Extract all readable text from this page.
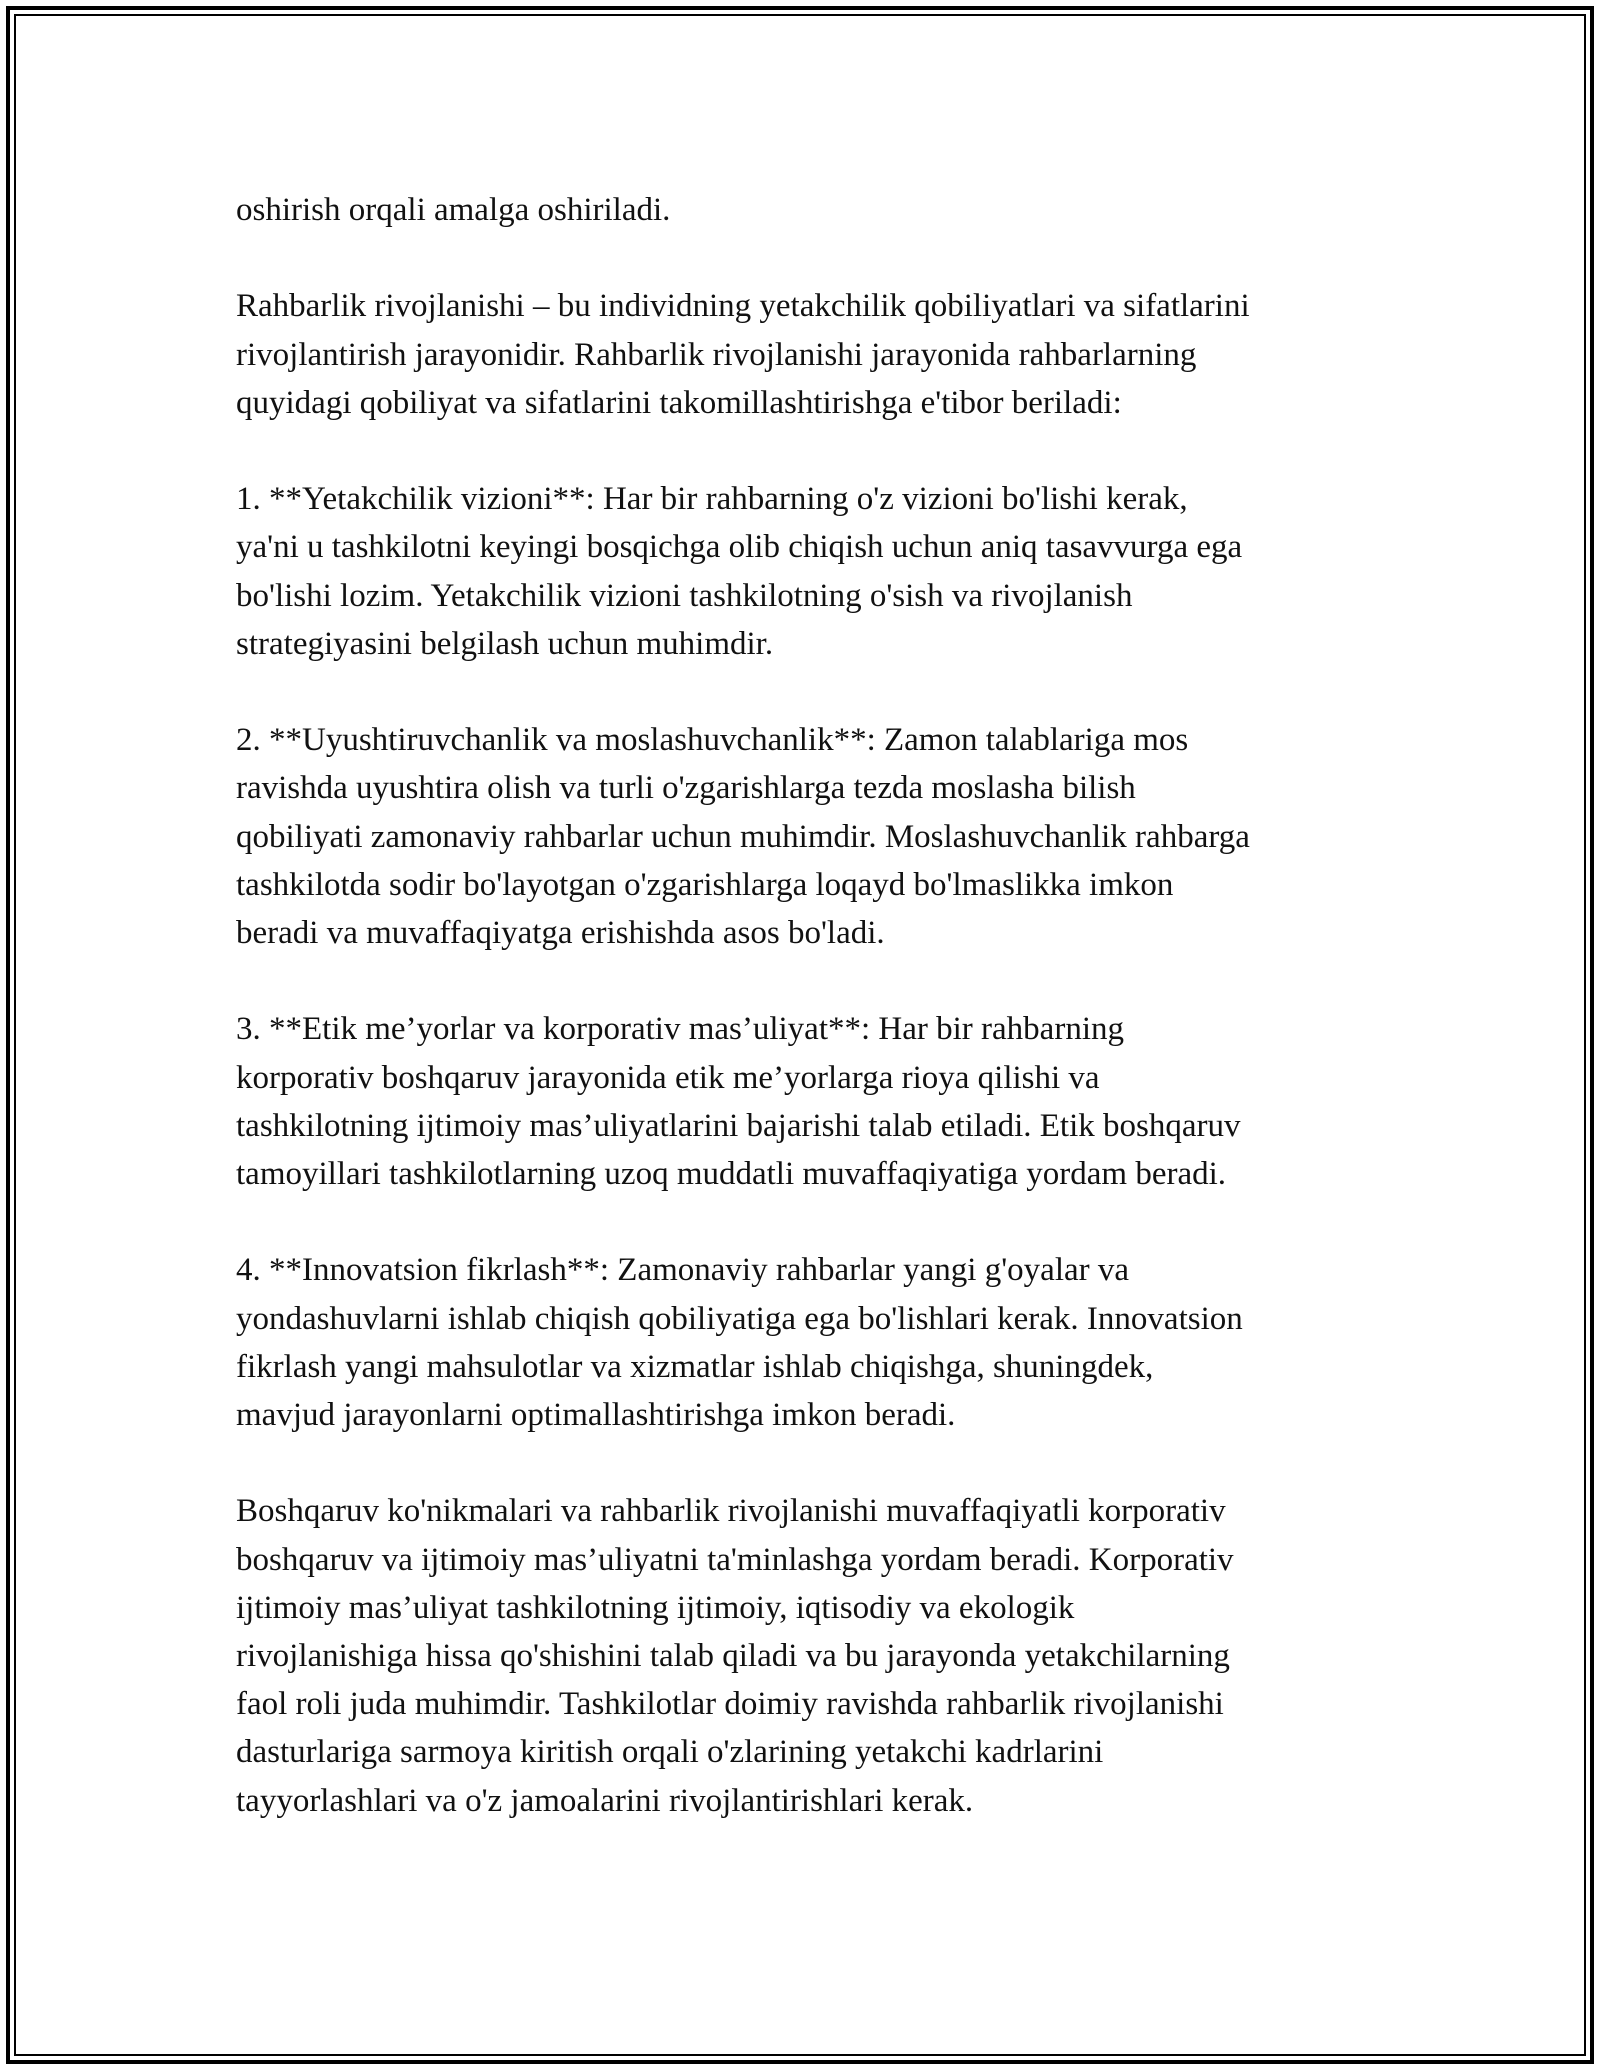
oshirish orqali amalga oshiriladi.

Rahbarlik rivojlanishi – bu individning yetakchilik qobiliyatlari va sifatlarini
rivojlantirish jarayonidir. Rahbarlik rivojlanishi jarayonida rahbarlarning
quyidagi qobiliyat va sifatlarini takomillashtirishga e'tibor beriladi:

1. **Yetakchilik vizioni**: Har bir rahbarning o'z vizioni bo'lishi kerak,
ya'ni u tashkilotni keyingi bosqichga olib chiqish uchun aniq tasavvurga ega
bo'lishi lozim. Yetakchilik vizioni tashkilotning o'sish va rivojlanish
strategiyasini belgilash uchun muhimdir.

2. **Uyushtiruvchanlik va moslashuvchanlik**: Zamon talablariga mos
ravishda uyushtira olish va turli o'zgarishlarga tezda moslasha bilish
qobiliyati zamonaviy rahbarlar uchun muhimdir. Moslashuvchanlik rahbarga
tashkilotda sodir bo'layotgan o'zgarishlarga loqayd bo'lmaslikka imkon
beradi va muvaffaqiyatga erishishda asos bo'ladi.

3. **Etik me’yorlar va korporativ mas’uliyat**: Har bir rahbarning
korporativ boshqaruv jarayonida etik me’yorlarga rioya qilishi va
tashkilotning ijtimoiy mas’uliyatlarini bajarishi talab etiladi. Etik boshqaruv
tamoyillari tashkilotlarning uzoq muddatli muvaffaqiyatiga yordam beradi.

4. **Innovatsion fikrlash**: Zamonaviy rahbarlar yangi g'oyalar va
yondashuvlarni ishlab chiqish qobiliyatiga ega bo'lishlari kerak. Innovatsion
fikrlash yangi mahsulotlar va xizmatlar ishlab chiqishga, shuningdek,
mavjud jarayonlarni optimallashtirishga imkon beradi.

Boshqaruv ko'nikmalari va rahbarlik rivojlanishi muvaffaqiyatli korporativ
boshqaruv va ijtimoiy mas’uliyatni ta'minlashga yordam beradi. Korporativ
ijtimoiy mas’uliyat tashkilotning ijtimoiy, iqtisodiy va ekologik
rivojlanishiga hissa qo'shishini talab qiladi va bu jarayonda yetakchilarning
faol roli juda muhimdir. Tashkilotlar doimiy ravishda rahbarlik rivojlanishi
dasturlariga sarmoya kiritish orqali o'zlarining yetakchi kadrlarini
tayyorlashlari va o'z jamoalarini rivojlantirishlari kerak.
